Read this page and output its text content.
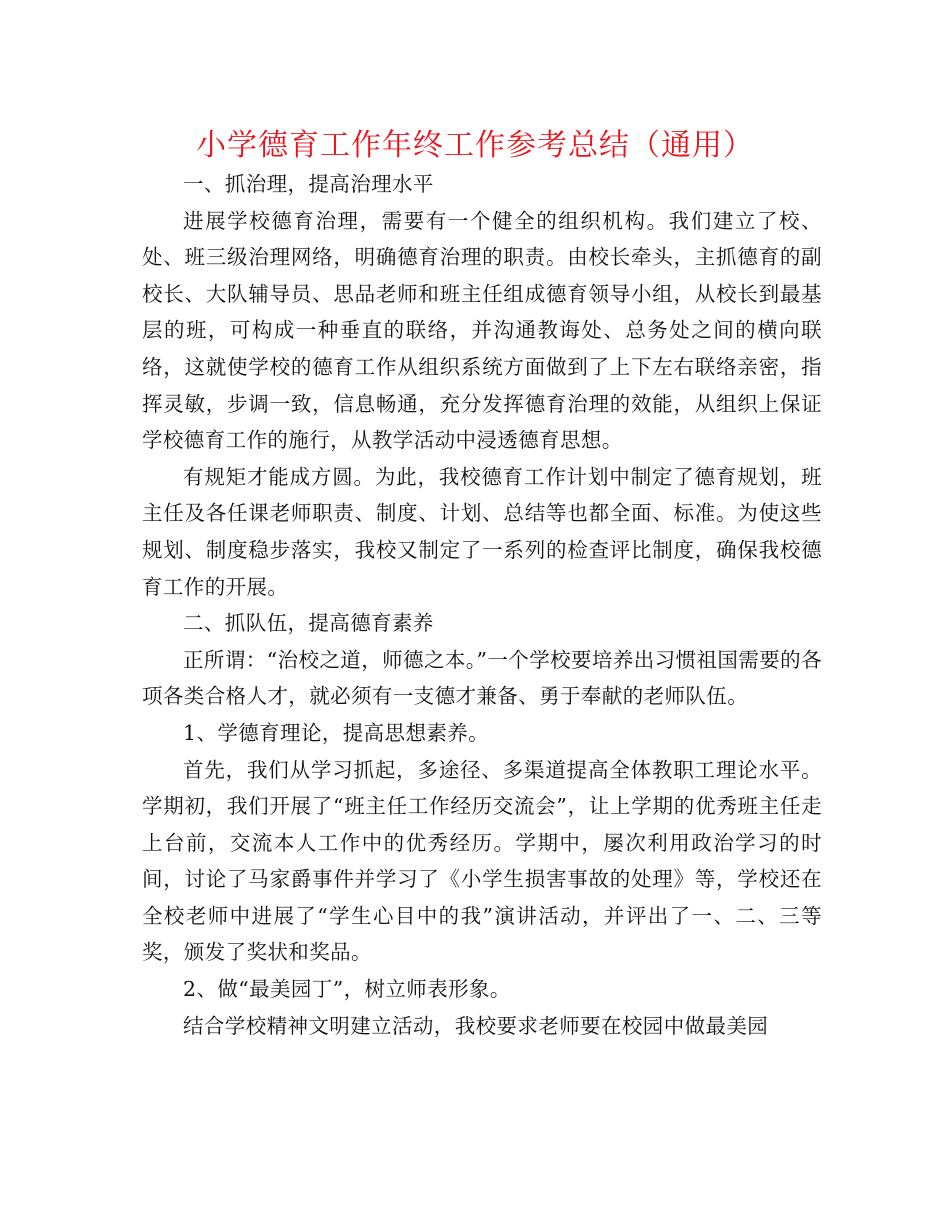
小学德育工作年终工作参考总结（通用）

一、抓治理，提高治理水平

进展学校德育治理，需要有一个健全的组织机构。我们建立了校、处、班三级治理网络，明确德育治理的职责。由校长牵头，主抓德育的副校长、大队辅导员、思品老师和班主任组成德育领导小组，从校长到最基层的班，可构成一种垂直的联络，并沟通教诲处、总务处之间的横向联络，这就使学校的德育工作从组织系统方面做到了上下左右联络亲密，指挥灵敏，步调一致，信息畅通，充分发挥德育治理的效能，从组织上保证学校德育工作的施行，从教学活动中浸透德育思想。

有规矩才能成方圆。为此，我校德育工作计划中制定了德育规划，班主任及各任课老师职责、制度、计划、总结等也都全面、标准。为使这些规划、制度稳步落实，我校又制定了一系列的检查评比制度，确保我校德育工作的开展。

二、抓队伍，提高德育素养

正所谓：“治校之道，师德之本。”一个学校要培养出习惯祖国需要的各项各类合格人才，就必须有一支德才兼备、勇于奉献的老师队伍。

1、学德育理论，提高思想素养。

首先，我们从学习抓起，多途径、多渠道提高全体教职工理论水平。学期初，我们开展了“班主任工作经历交流会”，让上学期的优秀班主任走上台前，交流本人工作中的优秀经历。学期中，屡次利用政治学习的时间，讨论了马家爵事件并学习了《小学生损害事故的处理》等，学校还在全校老师中进展了“学生心目中的我”演讲活动，并评出了一、二、三等奖，颁发了奖状和奖品。

2、做“最美园丁”，树立师表形象。

结合学校精神文明建立活动，我校要求老师要在校园中做最美园
